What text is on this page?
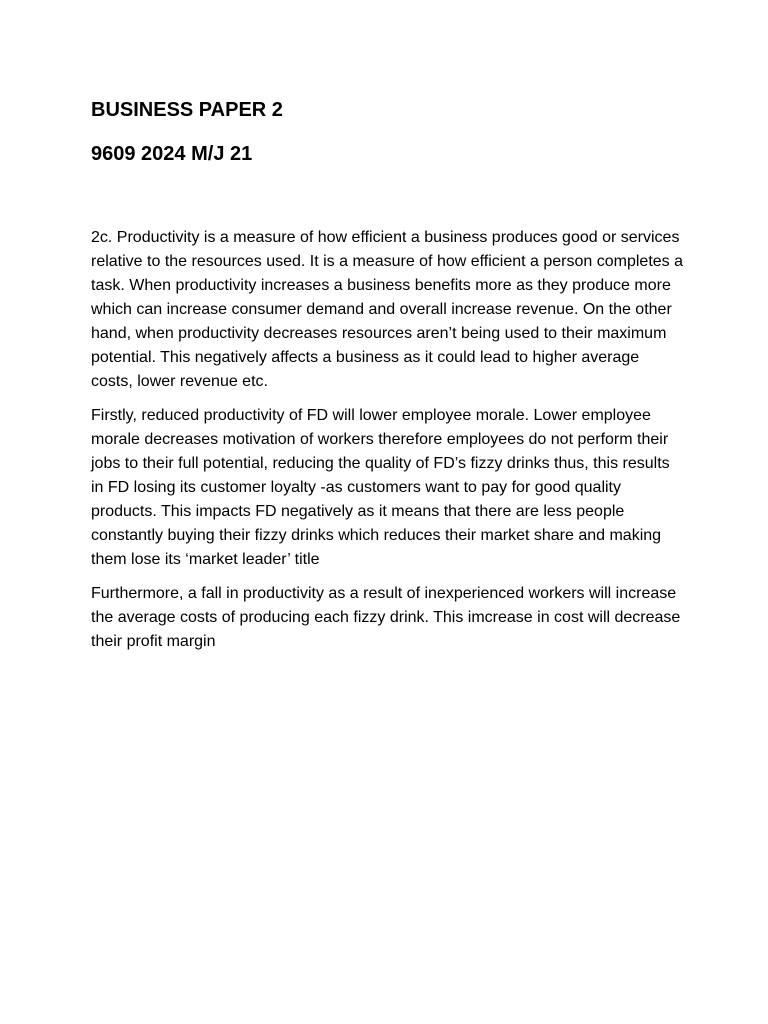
BUSINESS PAPER 2
9609 2024 M/J 21

2c. Productivity is a measure of how efficient a business produces good or services relative to the resources used. It is a measure of how efficient a person completes a task. When productivity increases a business benefits more as they produce more which can increase consumer demand and overall increase revenue. On the other hand, when productivity decreases resources aren’t being used to their maximum potential. This negatively affects a business as it could lead to higher average costs, lower revenue etc.

Firstly, reduced productivity of FD will lower employee morale. Lower employee morale decreases motivation of workers therefore employees do not perform their jobs to their full potential, reducing the quality of FD’s fizzy drinks thus, this results in FD losing its customer loyalty -as customers want to pay for good quality products. This impacts FD negatively as it means that there are less people constantly buying their fizzy drinks which reduces their market share and making them lose its ‘market leader’ title

Furthermore, a fall in productivity as a result of inexperienced workers will increase the average costs of producing each fizzy drink. This imcrease in cost will decrease their profit margin
